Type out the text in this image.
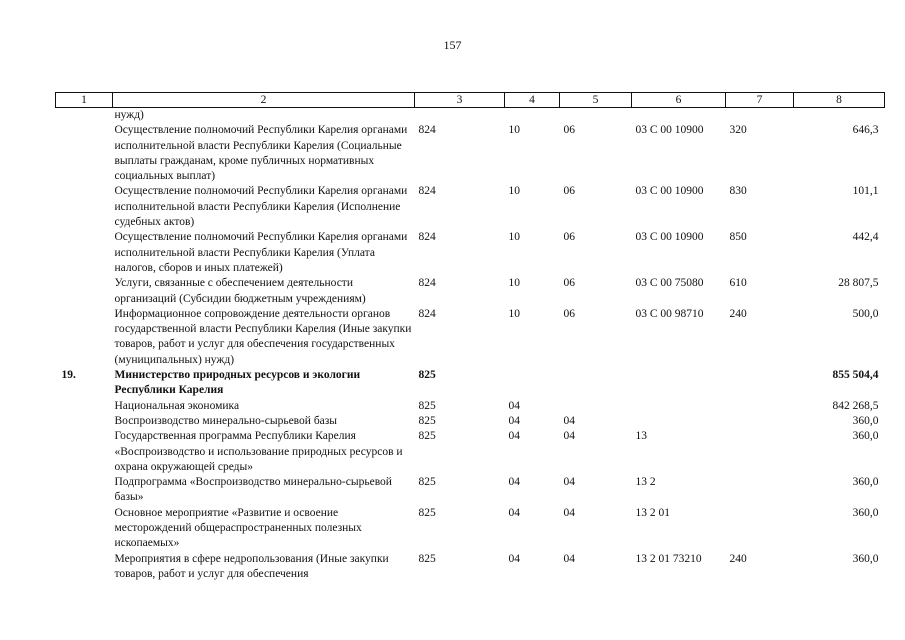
157
1	2	3	4	5	6	7	8
	нужд)						
	Осуществление полномочий Республики Карелия органами исполнительной власти Республики Карелия (Социальные выплаты гражданам, кроме публичных нормативных социальных выплат)	824	10	06	03 С 00 10900	320	646,3
	Осуществление полномочий Республики Карелия органами исполнительной власти Республики Карелия (Исполнение судебных актов)	824	10	06	03 С 00 10900	830	101,1
	Осуществление полномочий Республики Карелия органами исполнительной власти Республики Карелия (Уплата налогов, сборов и иных платежей)	824	10	06	03 С 00 10900	850	442,4
	Услуги, связанные с обеспечением деятельности организаций (Субсидии бюджетным учреждениям)	824	10	06	03 С 00 75080	610	28 807,5
	Информационное сопровождение деятельности органов государственной власти Республики Карелия (Иные закупки товаров, работ и услуг для обеспечения государственных (муниципальных) нужд)	824	10	06	03 С 00 98710	240	500,0
19.	Министерство природных ресурсов и экологии Республики Карелия	825					855 504,4
	Национальная экономика	825	04				842 268,5
	Воспроизводство минерально-сырьевой базы	825	04	04			360,0
	Государственная программа Республики Карелия «Воспроизводство и использование природных ресурсов и охрана окружающей среды»	825	04	04	13		360,0
	Подпрограмма «Воспроизводство минерально-сырьевой базы»	825	04	04	13 2		360,0
	Основное мероприятие «Развитие и освоение месторождений общераспространенных полезных ископаемых»	825	04	04	13 2 01		360,0
	Мероприятия в сфере недропользования (Иные закупки товаров, работ и услуг для обеспечения	825	04	04	13 2 01 73210	240	360,0
